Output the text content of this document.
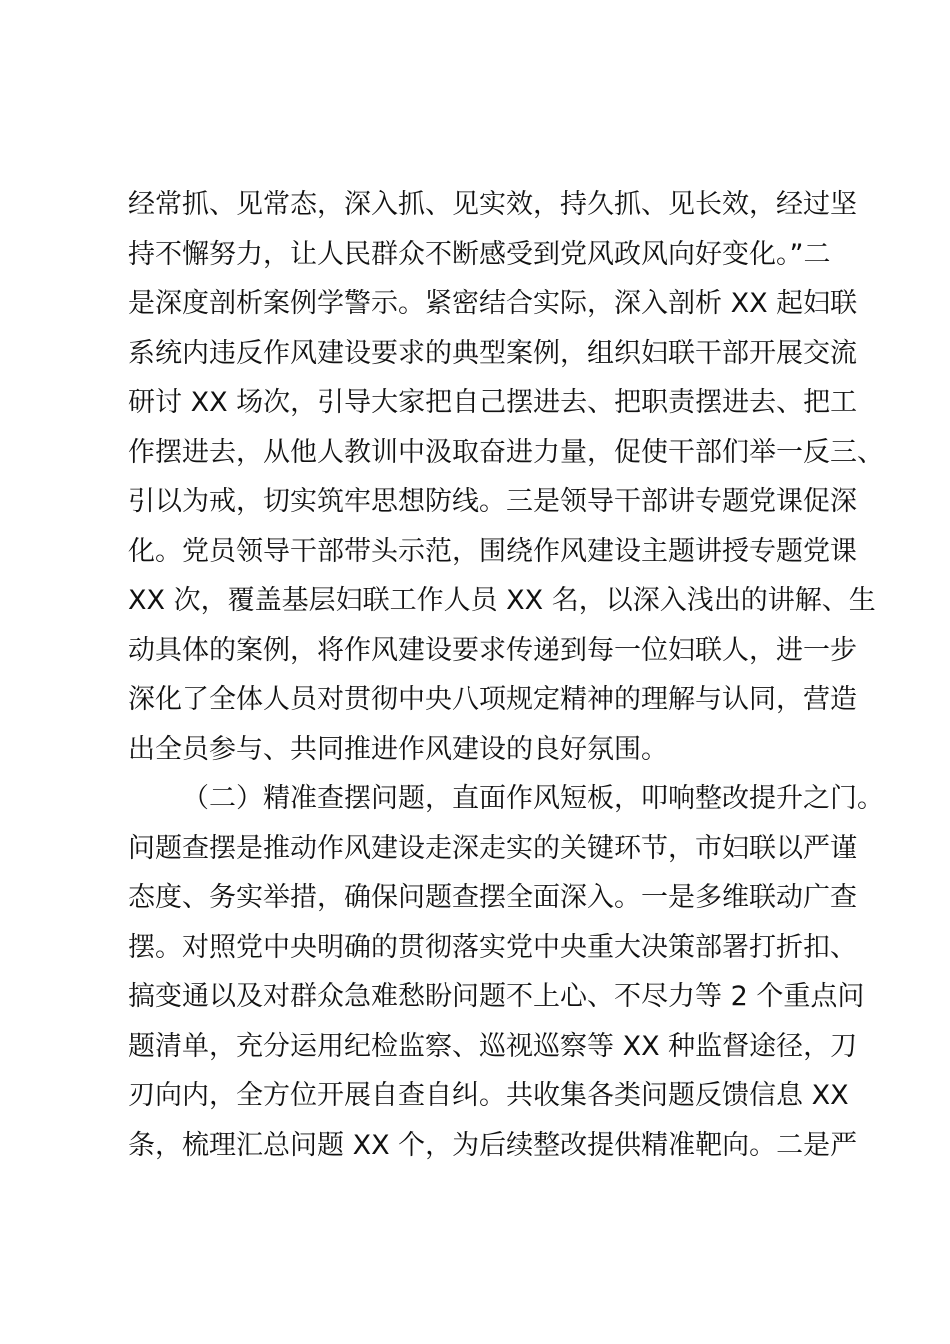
经常抓、见常态，深入抓、见实效，持久抓、见长效，经过坚
持不懈努力，让人民群众不断感受到党风政风向好变化。”二
是深度剖析案例学警示。紧密结合实际，深入剖析 XX 起妇联
系统内违反作风建设要求的典型案例，组织妇联干部开展交流
研讨 XX 场次，引导大家把自己摆进去、把职责摆进去、把工
作摆进去，从他人教训中汲取奋进力量，促使干部们举一反三、
引以为戒，切实筑牢思想防线。三是领导干部讲专题党课促深
化。党员领导干部带头示范，围绕作风建设主题讲授专题党课
XX 次，覆盖基层妇联工作人员 XX 名，以深入浅出的讲解、生
动具体的案例，将作风建设要求传递到每一位妇联人，进一步
深化了全体人员对贯彻中央八项规定精神的理解与认同，营造
出全员参与、共同推进作风建设的良好氛围。
（二）精准查摆问题，直面作风短板，叩响整改提升之门。
问题查摆是推动作风建设走深走实的关键环节，市妇联以严谨
态度、务实举措，确保问题查摆全面深入。一是多维联动广查
摆。对照党中央明确的贯彻落实党中央重大决策部署打折扣、
搞变通以及对群众急难愁盼问题不上心、不尽力等 2 个重点问
题清单，充分运用纪检监察、巡视巡察等 XX 种监督途径，刀
刃向内，全方位开展自查自纠。共收集各类问题反馈信息 XX
条，梳理汇总问题 XX 个，为后续整改提供精准靶向。二是严
